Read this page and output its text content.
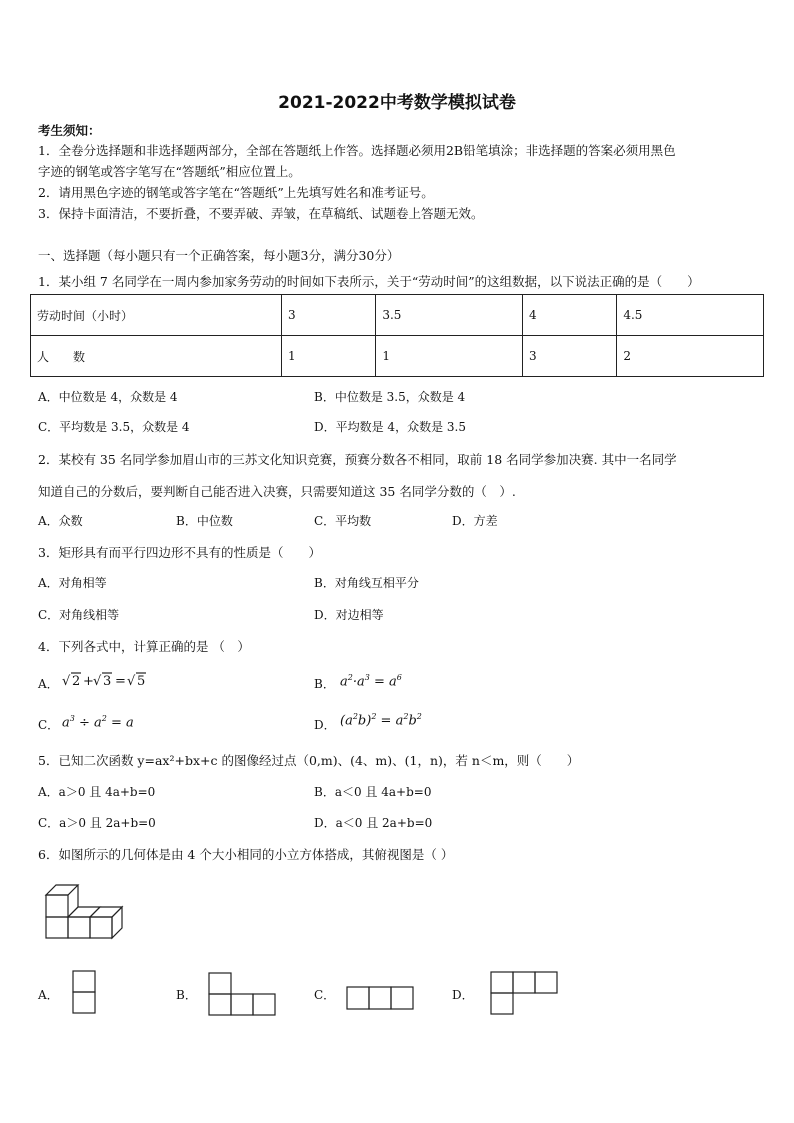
2021-2022中考数学模拟试卷
考生须知：
1．全卷分选择题和非选择题两部分，全部在答题纸上作答。选择题必须用2B铅笔填涂；非选择题的答案必须用黑色
字迹的钢笔或答字笔写在“答题纸”相应位置上。
2．请用黑色字迹的钢笔或答字笔在“答题纸”上先填写姓名和准考证号。
3．保持卡面清洁，不要折叠，不要弄破、弄皱，在草稿纸、试题卷上答题无效。
一、选择题（每小题只有一个正确答案，每小题3分，满分30分）
1．某小组 7 名同学在一周内参加家务劳动的时间如下表所示，关于“劳动时间”的这组数据，以下说法正确的是（　　）
劳动时间（小时）	3	3.5	4	4.5
人　　数	1	1	3	2
A．中位数是 4，众数是 4	B．中位数是 3.5，众数是 4
C．平均数是 3.5，众数是 4	D．平均数是 4，众数是 3.5
2．某校有 35 名同学参加眉山市的三苏文化知识竞赛，预赛分数各不相同，取前 18 名同学参加决赛. 其中一名同学
知道自己的分数后，要判断自己能否进入决赛，只需要知道这 35 名同学分数的（　）.
A．众数	B．中位数	C．平均数	D．方差
3．矩形具有而平行四边形不具有的性质是（　　）
A．对角相等	B．对角线互相平分
C．对角线相等	D．对边相等
4．下列各式中，计算正确的是 （　）
A． √ 2 + √ 3 = √ 5	B． $a^2\cdot a^3 = a^6$
C． $a^3 \div a^2 = a$	D． $(a^2b)^2 = a^2b^2$
5．已知二次函数 y=ax²+bx+c 的图像经过点（0,m)、(4、m)、(1，n)，若 n＜m，则（　　）
A．a＞0 且 4a+b=0	B．a＜0 且 4a+b=0
C．a＞0 且 2a+b=0	D．a＜0 且 2a+b=0
6．如图所示的几何体是由 4 个大小相同的小立方体搭成，其俯视图是（ ）
A．	B．	C．	D．
